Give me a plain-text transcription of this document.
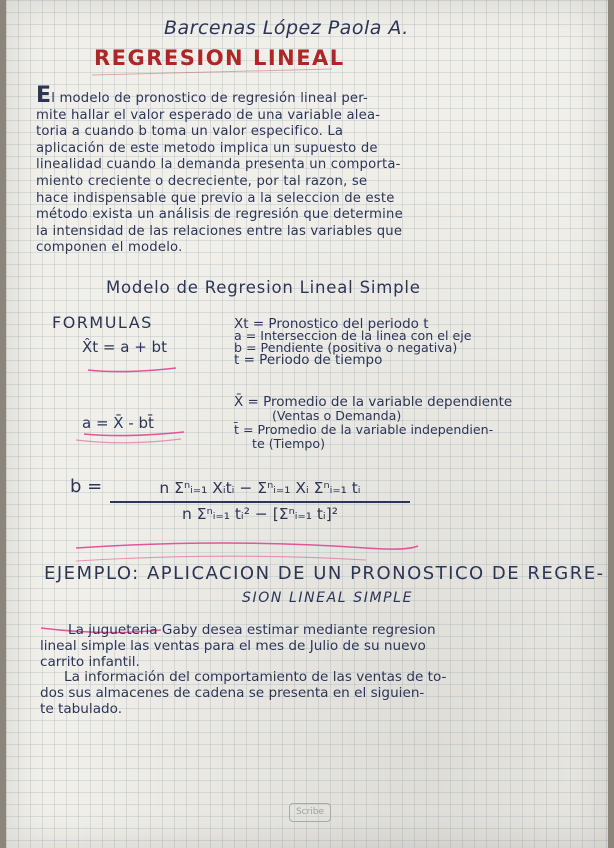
Barcenas López Paola A.
REGRESION LINEAL
El modelo de pronostico de regresión lineal per-
mite hallar el valor esperado de una variable alea-
toria a cuando b toma un valor especifico. La
aplicación de este metodo implica un supuesto de
linealidad cuando la demanda presenta un comporta-
miento creciente o decreciente, por tal razon, se
hace indispensable que previo a la seleccion de este
método exista un análisis de regresión que determine
la intensidad de las relaciones entre las variables que
componen el modelo.
Modelo de Regresion Lineal Simple
FORMULAS
X̂t = a + bt
a = X̄ - bt̄
Xt = Pronostico del periodo t
a = Interseccion de la linea con el eje
b = Pendiente (positiva o negativa)
t = Periodo de tiempo
X̄ = Promedio de la variable dependiente
(Ventas o Demanda)
t̄ = Promedio de la variable independien-
te (Tiempo)
b =	n Σⁿᵢ₌₁ Xᵢtᵢ − Σⁿᵢ₌₁ Xᵢ Σⁿᵢ₌₁ tᵢ
n Σⁿᵢ₌₁ tᵢ² − [Σⁿᵢ₌₁ tᵢ]²
EJEMPLO: APLICACION DE UN PRONOSTICO DE REGRE-
SION LINEAL SIMPLE
La jugueteria Gaby desea estimar mediante regresion
lineal simple las ventas para el mes de Julio de su nuevo
carrito infantil.
La información del comportamiento de las ventas de to-
dos sus almacenes de cadena se presenta en el siguien-
te tabulado.
Scribe
